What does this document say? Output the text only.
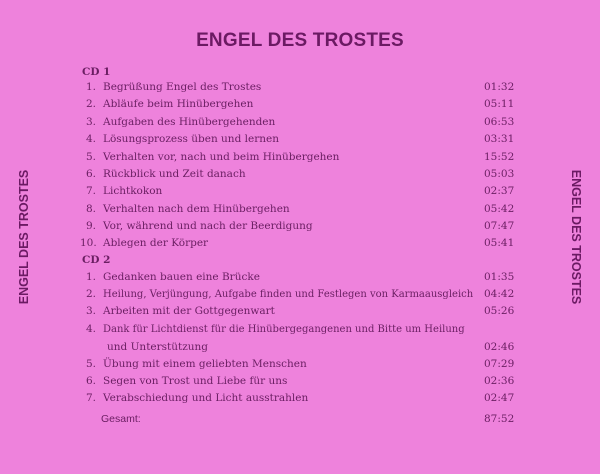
ENGEL DES TROSTES
ENGEL DES TROSTES	ENGEL DES TROSTES
CD 1
1. Begrüßung Engel des Trostes	01:32
2. Abläufe beim Hinübergehen	05:11
3. Aufgaben des Hinübergehenden	06:53
4. Lösungsprozess üben und lernen	03:31
5. Verhalten vor, nach und beim Hinübergehen	15:52
6. Rückblick und Zeit danach	05:03
7. Lichtkokon	02:37
8. Verhalten nach dem Hinübergehen	05:42
9. Vor, während und nach der Beerdigung	07:47
10. Ablegen der Körper	05:41
CD 2
1. Gedanken bauen eine Brücke	01:35
2. Heilung, Verjüngung, Aufgabe finden und Festlegen von Karmaausgleich	04:42
3. Arbeiten mit der Gottgegenwart	05:26
4. Dank für Lichtdienst für die Hinübergegangenen und Bitte um Heilung
und Unterstützung	02:46
5. Übung mit einem geliebten Menschen	07:29
6. Segen von Trost und Liebe für uns	02:36
7. Verabschiedung und Licht ausstrahlen	02:47
Gesamt:	87:52
